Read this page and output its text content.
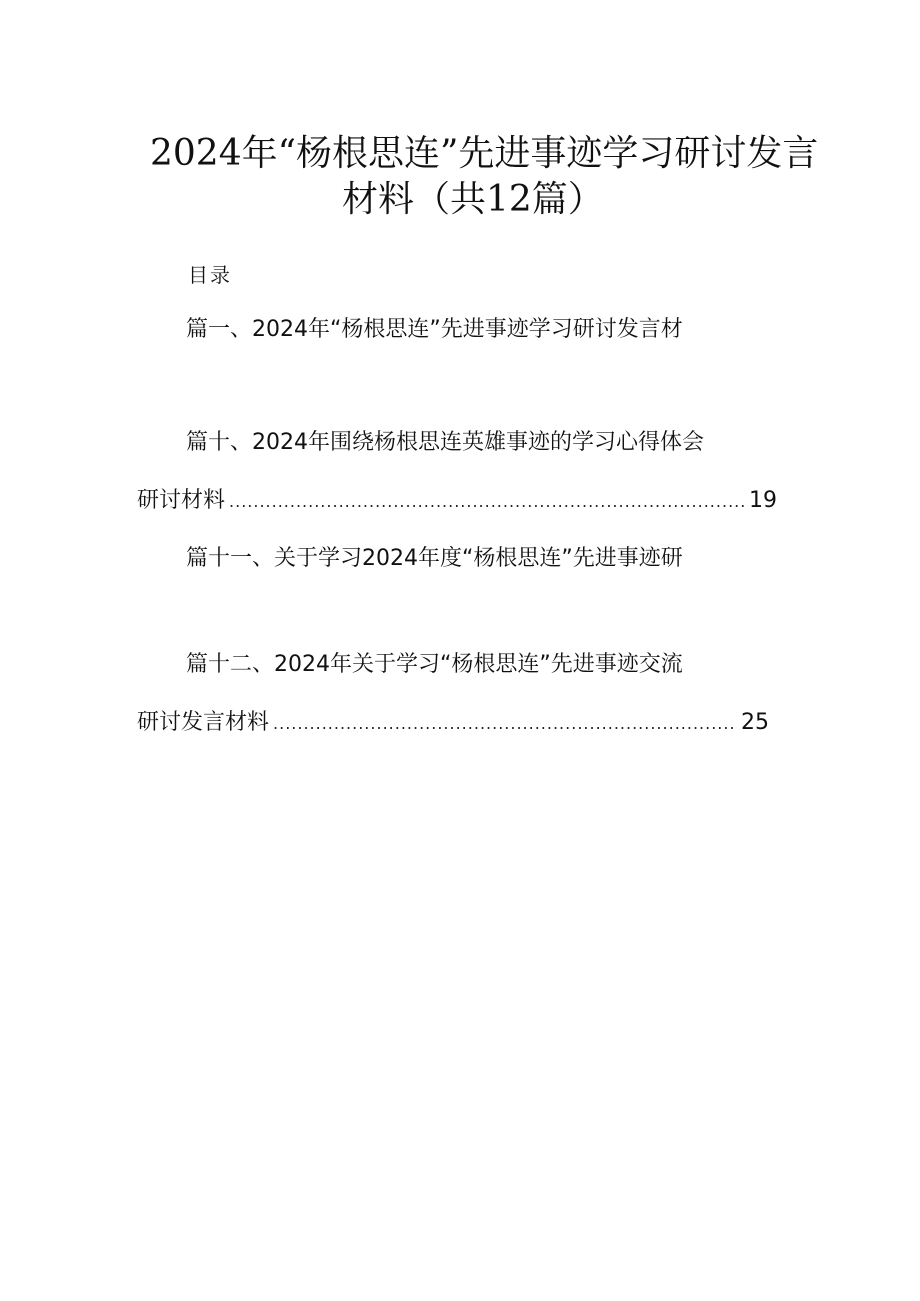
2024年“杨根思连”先进事迹学习研讨发言
材料（共12篇）
目录
篇一、2024年“杨根思连”先进事迹学习研讨发言材
篇十、2024年围绕杨根思连英雄事迹的学习心得体会
研讨材料 .....	19
篇十一、关于学习2024年度“杨根思连”先进事迹研
篇十二、2024年关于学习“杨根思连”先进事迹交流
研讨发言材料 .....	25
